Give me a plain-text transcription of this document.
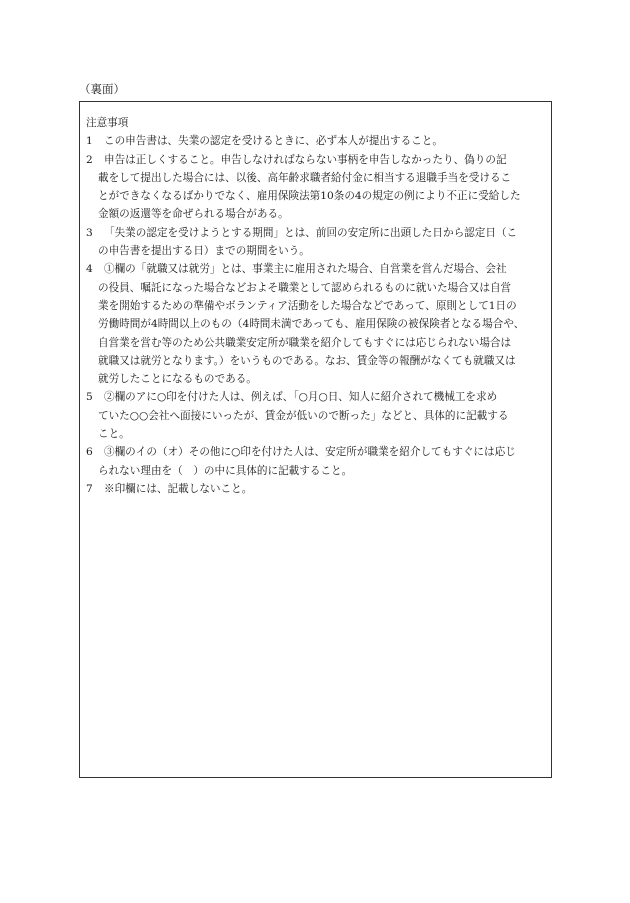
（裏面）
注意事項
1 この申告書は、失業の認定を受けるときに、必ず本人が提出すること。
2 申告は正しくすること。申告しなければならない事柄を申告しなかったり、偽りの記
載をして提出した場合には、以後、高年齢求職者給付金に相当する退職手当を受けるこ
とができなくなるばかりでなく、雇用保険法第10条の4の規定の例により不正に受給した
金額の返還等を命ぜられる場合がある。
3 「失業の認定を受けようとする期間」とは、前回の安定所に出頭した日から認定日（こ
の申告書を提出する日）までの期間をいう。
4 ①欄の「就職又は就労」とは、事業主に雇用された場合、自営業を営んだ場合、会社
の役員、嘱託になった場合などおよそ職業として認められるものに就いた場合又は自営
業を開始するための準備やボランティア活動をした場合などであって、原則として1日の
労働時間が4時間以上のもの（4時間未満であっても、雇用保険の被保険者となる場合や、
自営業を営む等のため公共職業安定所が職業を紹介してもすぐには応じられない場合は
就職又は就労となります。）をいうものである。なお、賃金等の報酬がなくても就職又は
就労したことになるものである。
5 ②欄のアに○印を付けた人は、例えば、「○月○日、知人に紹介されて機械工を求め
ていた○○会社へ面接にいったが、賃金が低いので断った」などと、具体的に記載する
こと。
6 ③欄のイの（オ）その他に○印を付けた人は、安定所が職業を紹介してもすぐには応じ
られない理由を（　）の中に具体的に記載すること。
7 ※印欄には、記載しないこと。
